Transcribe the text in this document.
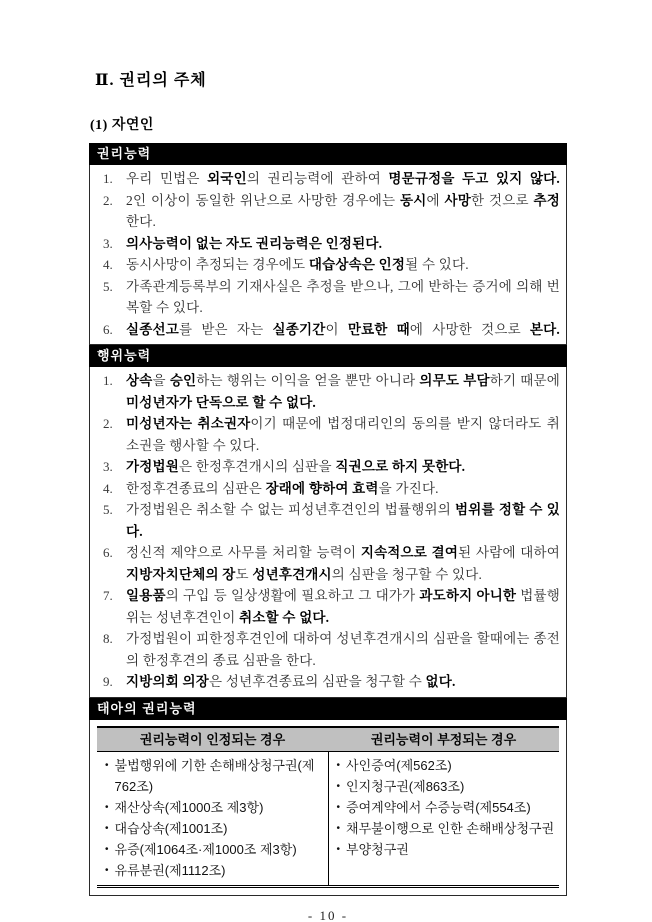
Ⅱ. 권리의 주체
(1) 자연인
권리능력
1. 우리 민법은 외국인의 권리능력에 관하여 명문규정을 두고 있지 않다.

2. 2인 이상이 동일한 위난으로 사망한 경우에는 동시에 사망한 것으로 추정한다.

3. 의사능력이 없는 자도 권리능력은 인정된다.

4. 동시사망이 추정되는 경우에도 대습상속은 인정될 수 있다.

5. 가족관계등록부의 기재사실은 추정을 받으나, 그에 반하는 증거에 의해 번복할 수 있다.

6. 실종선고를 받은 자는 실종기간이 만료한 때에 사망한 것으로 본다.

행위능력
1. 상속을 승인하는 행위는 이익을 얻을 뿐만 아니라 의무도 부담하기 때문에 미성년자가 단독으로 할 수 없다.

2. 미성년자는 취소권자이기 때문에 법정대리인의 동의를 받지 않더라도 취소권을 행사할 수 있다.

3. 가정법원은 한정후견개시의 심판을 직권으로 하지 못한다.

4. 한정후견종료의 심판은 장래에 향하여 효력을 가진다.

5. 가정법원은 취소할 수 없는 피성년후견인의 법률행위의 범위를 정할 수 있다.

6. 정신적 제약으로 사무를 처리할 능력이 지속적으로 결여된 사람에 대하여 지방자치단체의 장도 성년후견개시의 심판을 청구할 수 있다.

7. 일용품의 구입 등 일상생활에 필요하고 그 대가가 과도하지 아니한 법률행위는 성년후견인이 취소할 수 없다.

8. 가정법원이 피한정후견인에 대하여 성년후견개시의 심판을 할때에는 종전의 한정후견의 종료 심판을 한다.

9. 지방의회 의장은 성년후견종료의 심판을 청구할 수 없다.

태아의 권리능력
권리능력이 인정되는 경우	권리능력이 부정되는 경우

• 불법행위에 기한 손해배상청구권(제762조)
• 재산상속(제1000조 제3항)
• 대습상속(제1001조)
• 유증(제1064조·제1000조 제3항)
• 유류분권(제1112조)

• 사인증여(제562조)
• 인지청구권(제863조)
• 증여계약에서 수증능력(제554조)
• 채무불이행으로 인한 손해배상청구권
• 부양청구권
- 10 -
